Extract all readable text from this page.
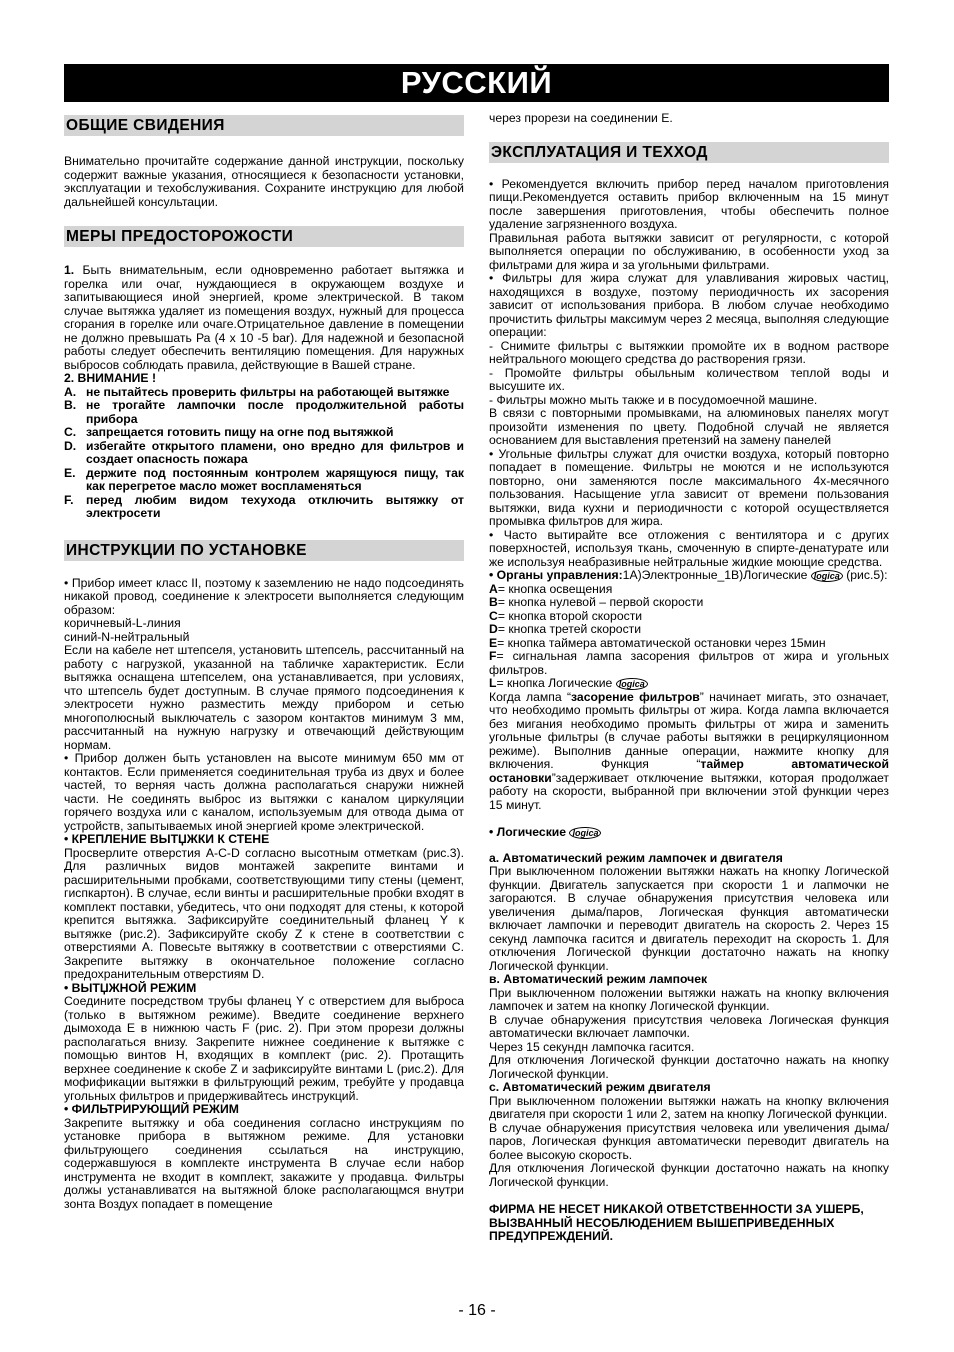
РУССКИЙ
ОБЩИЕ СВИДЕНИЯ

Внимательно прочитайте содержание данной инструкции, поскольку содержит важные указания, относящиеся к безопасности установки, эксплуатации и техобслуживания. Сохраните инструкцию для любой дальнейшей консультации.

МЕРЫ ПРЕДОСТОРОЖОСТИ

1. Быть внимательным, если одновременно работает вытяжка и горелка или очаг, нуждающиеся в окружающем воздухе и запитывающиеся иной энергией, кроме электрической. В таком случае вытяжка удаляет из помещения воздух, нужный для процесса сгорания в горелке или очаге.Отрицательное давление в помещении не должно превышать Ра (4 х 10 -5 bar). Для надежной и безопасной работы следует обеспечить вентиляцию помещения. Для наружных выбросов соблюдать правила, действующие в Вашей стране.

2. ВНИМАНИЕ !
A. не пытайтесь проверить фильтры на работающей вытяжке
B. не трогайте лампочки после продолжительной работы прибора
C. запрещается готовить пищу на огне под вытяжкой
D. избегайте открытого пламени, оно вредно для фильтров и создает опасность пожара
E. держите под постоянным контролем жарящуюся пищу, так как перегретое масло может воспламеняться
F.	перед любим видом техухода отключить вытяжку от электросети
ИНСТРУКЦИИ ПО УСТАНОВКЕ

• Прибор имеет класс II, поэтому к заземлению не надо подсоединять никакой провод, соединение к электросети выполняется следующим образом:

коричневый-L-линия
синий-N-нейтральный

Если на кабеле нет штепселя, установить штепсель, рассчитанный на работу с нагрузкой, указанной на табличке характеристик. Если вытяжка оснащена штепселем, она устанавливается, при условиях, что штепсель будет доступным. В случае прямого подсоединения к электросети нужно разместить между прибором и сетью многополюсный выключатель с зазором контактов минимум 3 мм, рассчитанный на нужную нагрузку и отвечающий действующим нормам.

• Прибор должен быть установлен на высоте минимум 650 мм от контактов. Если применяется соединительная труба из двух и более частей, то верняя часть должна располагаться снаружи нижней части. Не соединять выброс из вытяжки с каналом циркуляции горячего воздуха или с каналом, используемым для отвода дыма от устройств, запытываемых иной энергией кроме электрической.

• КРЕПЛЕНИЕ ВЫТЏЖКИ К СТЕНЕ

Просверлите отверстия A-C-D согласно высотным отметкам (рис.3). Для различных видов монтажей закрепите винтами и расширительными пробками, соответствующими типу стены (цемент, гиспкартон). В случае, если винты и расширительные пробки входят в комплект поставки, убедитесь, что они подходят для стены, к которой крепится вытяжка. Зафиксируйте соединительный фланец Y к вытяжке (рис.2). Зафиксируйте скобу Z к стене в соответствии с отверстиями A. Повесьте вытяжку в соответствии с отверстиями C. Закрепите вытяжку в окончательное положение согласно предохранительным отверстиям D.

• ВЫТЏЖНОЙ РЕЖИМ

Соедините посредством трубы фланец Y с отверстием для выброса (только в вытяжном режиме). Введите соединение верхнего дымохода E в нижнюю часть F (рис. 2). При этом прорези должны располагаться внизу. Закрепите нижнее соединение к вытяжке с помощью винтов H, входящих в комплект (рис. 2). Протащить верхнее соединение к скобе Z и зафиксируйте винтами L (рис.2). Для мофификации вытяжки в фильтрующий режим, требуйте у продавца угольных фильтров и придерживайтесь инструкций.

• ФИЛЬТРИРУЮЩИЙ РЕЖИМ

Закрепите вытяжку и оба соединения согласно инструкциям по установке прибора в вытяжном режиме. Для установки фильтрующего соединения ссылаться на инструкцию, содержавшуюся в комплекте инструмента В случае если набор инструмента не входит в комплект, закажите у продавца. Фильтры должы устанавливатся на вытяжной блоке располагающмся внутри зонта Воздух попадает в помещение

через прорези на соединении E.
ЭКСПЛУАТАЦИЯ И ТЕХХОД

• Рекомендуется включить прибор перед началом приготовления пищи.Рекомендуется оставить прибор включенным на 15 минут после завершения приготовления, чтобы обеспечить полное удаление загрязненного воздуха.

Правильная работа вытяжки зависит от регулярности, с которой выполняется операции по обслуживанию, в особенности уход за фильтрами для жира и за угольными фильтрами.

• Фильтры для жира служат для улавливания жировых частиц, находящихся в воздухе, поэтому периодичность их засорения зависит от использования прибора. В любом случае необходимо прочистить фильтры максимум через 2 месяца, выполняя следующие операции:

- Снимите фильтры с вытяжкии промойте их в водном растворе нейтрального моющего средства до растворения грязи.

- Промойте фильтры обыльным количеством теплой воды и высушите их.

- Фильтры можно мыть также и в посудомоечной машине.

В связи с повторными промывками, на алюминовых панелях могут произойти изменения по цвету. Подобной случай не является основанием для выставления претензий на замену панелей

• Угольные фильтры служат для очистки воздуха, который повторно попадает в помещение. Фильтры не моются и не используются повторно, они заменяются после максимального 4х-месячного пользования. Насыщение угла зависит от времени пользования вытяжки, вида кухни и периодичности с которой осуществляется промывка фильтров для жира.

• Часто вытирайте все отложения с вентилятора и с других поверхностей, используя ткань, смоченную в спирте-денатурате или же используя неабразивные нейтральные жидкие моющие средства.

• Органы управления:1А)Электронные_1В)Логические logica (рис.5):
A= кнопка освещения
B= кнопка нулевой – первой скорости
C= кнопка второй скорости
D= кнопка третей скорости
E= кнопка таймера автоматической остановки через 15мин
F= сигнальная лампа засорения фильтров от жира и угольных фильтров.
L= кнопка Логические logica

Когда лампа “засорение фильтров” начинает мигать, это означает, что необходимо промыть фильтры от жира. Когда лампа включается без мигания необходимо промыть фильтры от жира и заменить угольные фильтры (в случае работы вытяжки в рециркуляционном режиме). Выполнив данные операции, нажмите кнопку для включения. Функция “таймер автоматической остановки”задерживает отключение вытяжки, которая продолжает работу на скорости, выбранной при включении этой функции через 15 минут.

• Логические logica
a. Автоматический режим лампочек и двигателя

При выключенном положении вытяжки нажать на кнопку Логической функции. Двигатель запускается при скорости 1 и лапмочки не загораются. В случае обнаружения присутствия человека или увеличения дыма/паров, Логическая функция автоматически включает лампочки и переводит двигатель на скорость 2. Через 15 секунд лампочка гасится и двигатель переходит на скорость 1. Для отключения Логической функции достаточно нажать на кнопку Логической функции.

в. Автоматический режим лампочек

При выключенном положении вытяжки нажать на кнопку включения лампочек и затем на кнопку Логической функции.

В случае обнаружения присутствия человека Логическая функция автоматически включает лампочки.

Через 15 секундн лампочка гасится.

Для отключения Логической функции достаточно нажать на кнопку Логической функции.

с. Автоматический режим двигателя

При выключенном положении вытяжки нажать на кнопку включения двигателя при скорости 1 или 2, затем на кнопку Логической функции.

В случае обнаружения присутствия человека или увеличения дыма/паров, Логическая функция автоматически переводит двигатель на более высокую скорость.

Для отключения Логической функции достаточно нажать на кнопку Логической функции.

ФИРМА НЕ НЕСЕТ НИКАКОЙ ОТВЕТСТВЕННОСТИ ЗА УШЕРБ, ВЫЗВАННЫЙ НЕСОБЛЮДЕНИЕМ ВЫШЕПРИВЕДЕННЫХ ПРЕДУПРЕЖДЕНИЙ.
- 16 -
